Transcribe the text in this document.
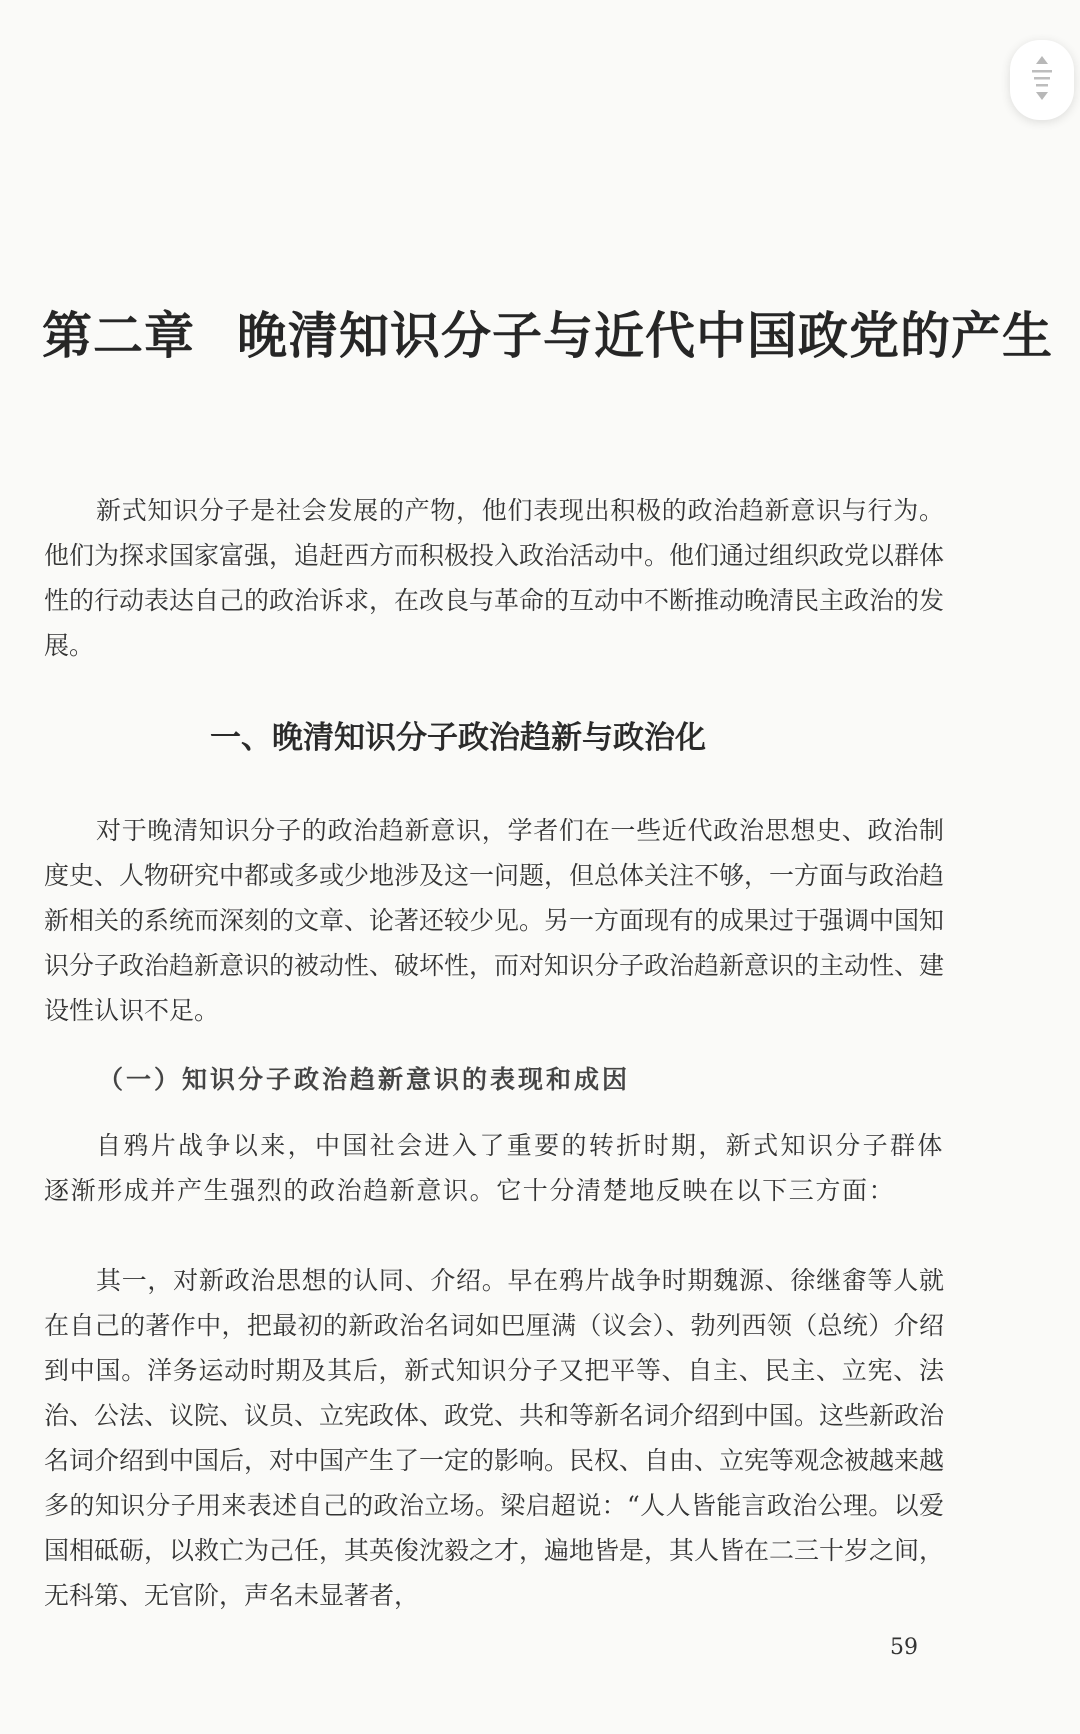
第二章 晚清知识分子与近代中国政党的产生

新式知识分子是社会发展的产物，他们表现出积极的政治趋新意识与行为。他们为探求国家富强，追赶西方而积极投入政治活动中。他们通过组织政党以群体性的行动表达自己的政治诉求，在改良与革命的互动中不断推动晚清民主政治的发展。

一、晚清知识分子政治趋新与政治化

对于晚清知识分子的政治趋新意识，学者们在一些近代政治思想史、政治制度史、人物研究中都或多或少地涉及这一问题，但总体关注不够，一方面与政治趋新相关的系统而深刻的文章、论著还较少见。另一方面现有的成果过于强调中国知识分子政治趋新意识的被动性、破坏性，而对知识分子政治趋新意识的主动性、建设性认识不足。

（一）知识分子政治趋新意识的表现和成因

自鸦片战争以来，中国社会进入了重要的转折时期，新式知识分子群体逐渐形成并产生强烈的政治趋新意识。它十分清楚地反映在以下三方面：

其一，对新政治思想的认同、介绍。早在鸦片战争时期魏源、徐继畬等人就在自己的著作中，把最初的新政治名词如巴厘满（议会）、勃列西领（总统）介绍到中国。洋务运动时期及其后，新式知识分子又把平等、自主、民主、立宪、法治、公法、议院、议员、立宪政体、政党、共和等新名词介绍到中国。这些新政治名词介绍到中国后，对中国产生了一定的影响。民权、自由、立宪等观念被越来越多的知识分子用来表述自己的政治立场。梁启超说：“人人皆能言政治公理。以爱国相砥砺，以救亡为己任，其英俊沈毅之才，遍地皆是，其人皆在二三十岁之间，无科第、无官阶，声名未显著者，

59
